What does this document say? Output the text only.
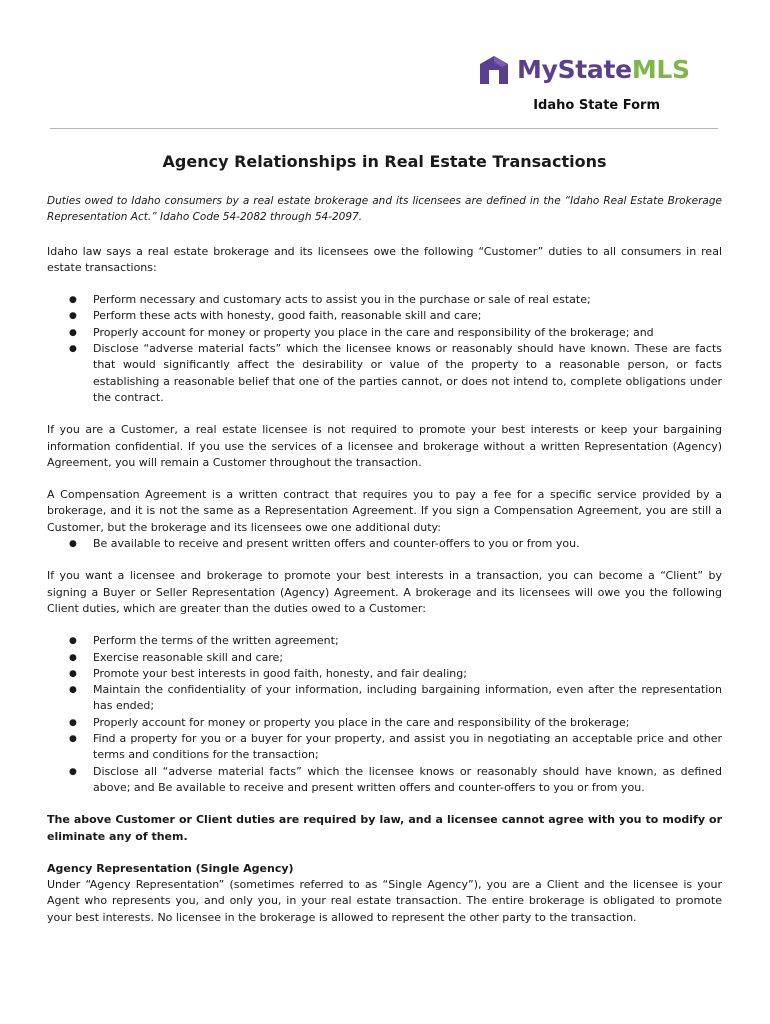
MyStateMLS
Idaho State Form
Agency Relationships in Real Estate Transactions

Duties owed to Idaho consumers by a real estate brokerage and its licensees are defined in the “Idaho Real Estate Brokerage Representation Act.” Idaho Code 54-2082 through 54-2097.

Idaho law says a real estate brokerage and its licensees owe the following “Customer” duties to all consumers in real estate transactions:

● Perform necessary and customary acts to assist you in the purchase or sale of real estate;
● Perform these acts with honesty, good faith, reasonable skill and care;
● Properly account for money or property you place in the care and responsibility of the brokerage; and
● Disclose “adverse material facts” which the licensee knows or reasonably should have known. These are facts that would significantly affect the desirability or value of the property to a reasonable person, or facts establishing a reasonable belief that one of the parties cannot, or does not intend to, complete obligations under the contract.

If you are a Customer, a real estate licensee is not required to promote your best interests or keep your bargaining information confidential. If you use the services of a licensee and brokerage without a written Representation (Agency) Agreement, you will remain a Customer throughout the transaction.

A Compensation Agreement is a written contract that requires you to pay a fee for a specific service provided by a brokerage, and it is not the same as a Representation Agreement. If you sign a Compensation Agreement, you are still a Customer, but the brokerage and its licensees owe one additional duty:

● Be available to receive and present written offers and counter-offers to you or from you.

If you want a licensee and brokerage to promote your best interests in a transaction, you can become a “Client” by signing a Buyer or Seller Representation (Agency) Agreement. A brokerage and its licensees will owe you the following Client duties, which are greater than the duties owed to a Customer:

● Perform the terms of the written agreement;
● Exercise reasonable skill and care;
● Promote your best interests in good faith, honesty, and fair dealing;
● Maintain the confidentiality of your information, including bargaining information, even after the representation has ended;
● Properly account for money or property you place in the care and responsibility of the brokerage;
● Find a property for you or a buyer for your property, and assist you in negotiating an acceptable price and other terms and conditions for the transaction;
● Disclose all “adverse material facts” which the licensee knows or reasonably should have known, as defined above; and Be available to receive and present written offers and counter-offers to you or from you.

The above Customer or Client duties are required by law, and a licensee cannot agree with you to modify or eliminate any of them.

Agency Representation (Single Agency)

Under “Agency Representation” (sometimes referred to as “Single Agency”), you are a Client and the licensee is your Agent who represents you, and only you, in your real estate transaction. The entire brokerage is obligated to promote your best interests. No licensee in the brokerage is allowed to represent the other party to the transaction.
